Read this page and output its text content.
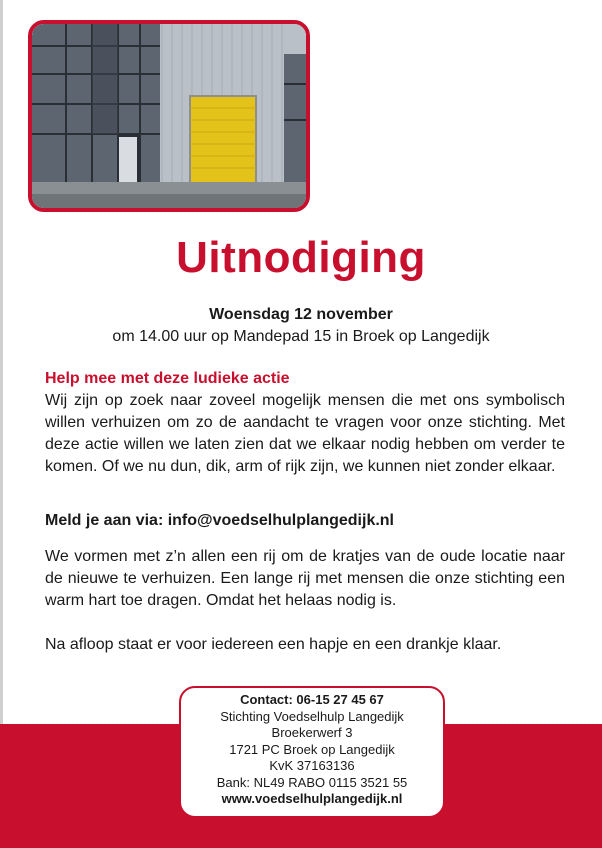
Uitnodiging
Woensdag 12 november
om 14.00 uur op Mandepad 15 in Broek op Langedijk
Help mee met deze ludieke actie

Wij zijn op zoek naar zoveel mogelijk mensen die met ons symbolisch willen verhuizen om zo de aandacht te vragen voor onze stichting. Met deze actie willen we laten zien dat we elkaar nodig hebben om verder te komen. Of we nu dun, dik, arm of rijk zijn, we kunnen niet zonder elkaar.

Meld je aan via: info@voedselhulplangedijk.nl

We vormen met z’n allen een rij om de kratjes van de oude locatie naar de nieuwe te verhuizen. Een lange rij met mensen die onze stichting een warm hart toe dragen. Omdat het helaas nodig is.

Na afloop staat er voor iedereen een hapje en een drankje klaar.

Contact: 06-15 27 45 67
Stichting Voedselhulp Langedijk
Broekerwerf 3
1721 PC Broek op Langedijk
KvK 37163136
Bank: NL49 RABO 0115 3521 55
www.voedselhulplangedijk.nl
